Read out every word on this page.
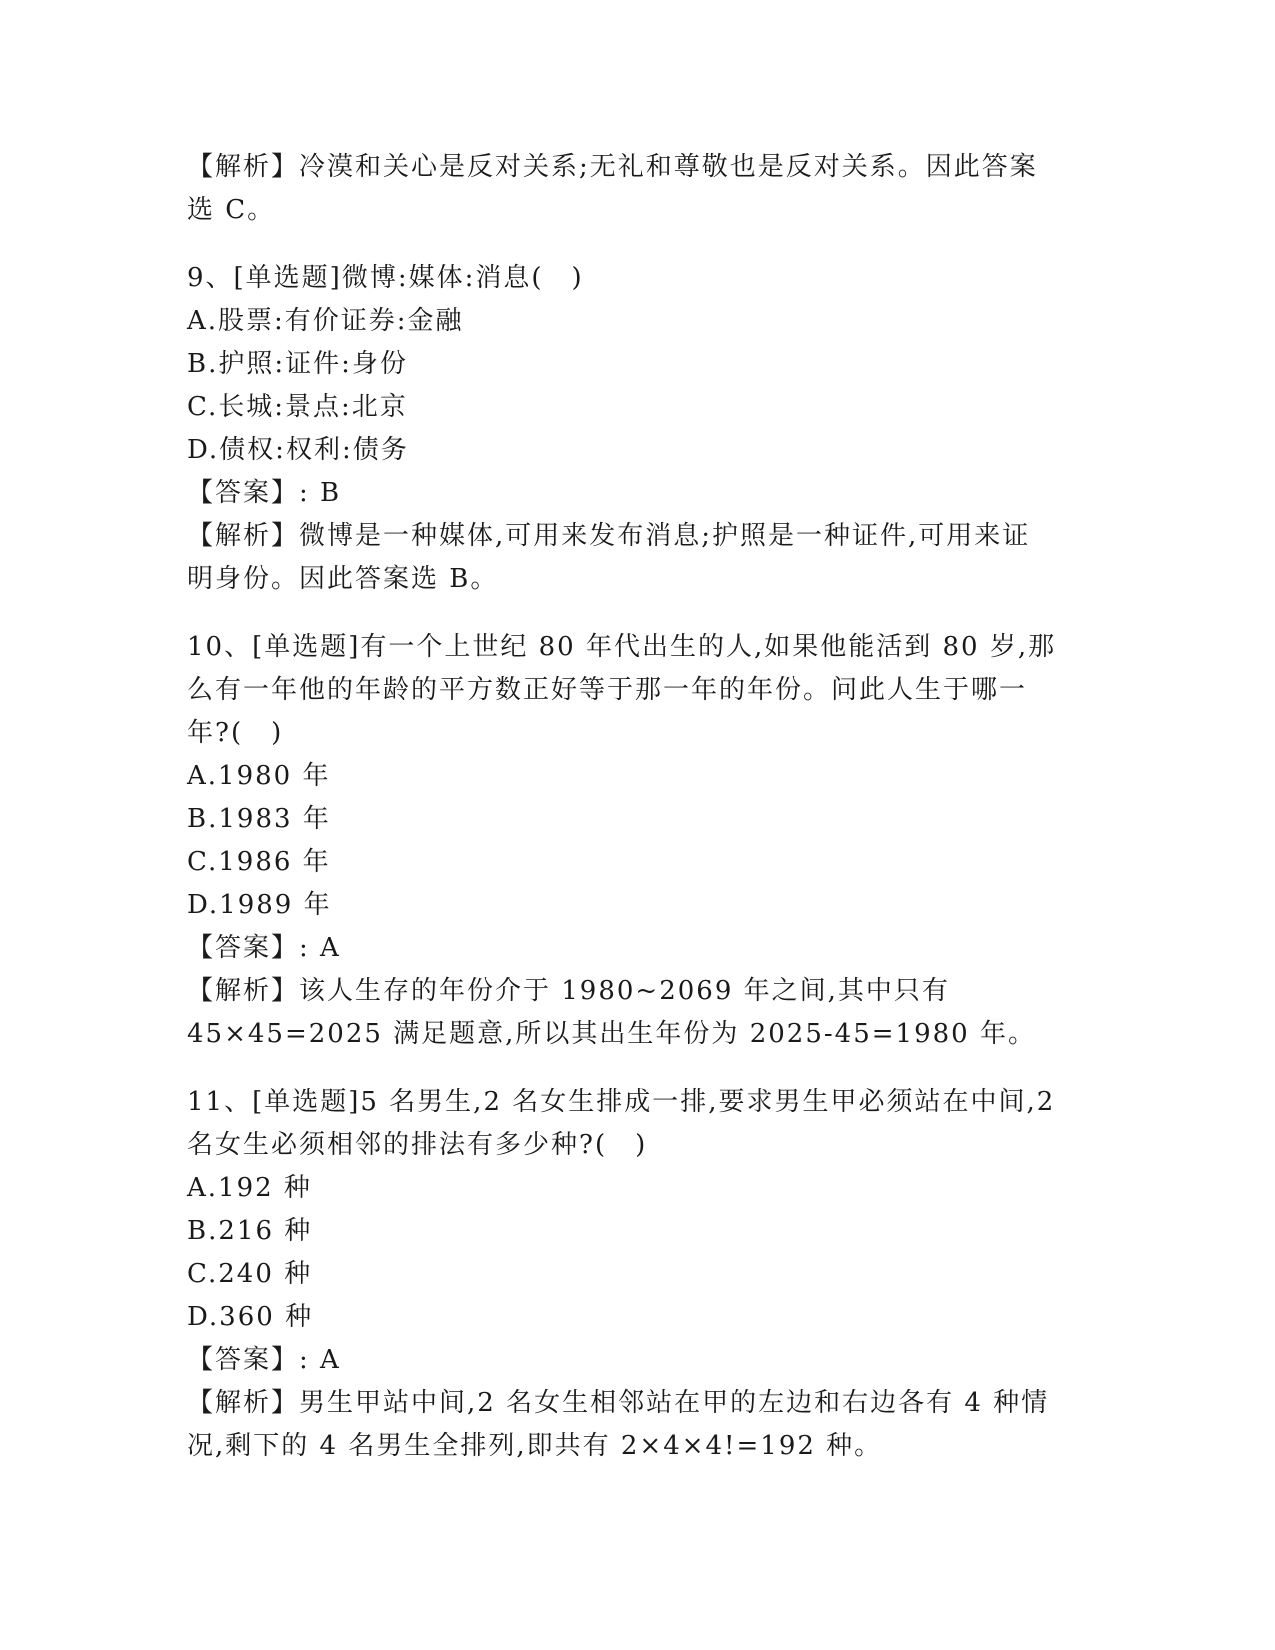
【解析】冷漠和关心是反对关系;无礼和尊敬也是反对关系。因此答案
选 C。
9、[单选题]微博:媒体:消息(　)
A.股票:有价证券:金融
B.护照:证件:身份
C.长城:景点:北京
D.债权:权利:债务
【答案】: B
【解析】微博是一种媒体,可用来发布消息;护照是一种证件,可用来证
明身份。因此答案选 B。
10、[单选题]有一个上世纪 80 年代出生的人,如果他能活到 80 岁,那
么有一年他的年龄的平方数正好等于那一年的年份。问此人生于哪一
年?(　)
A.1980 年
B.1983 年
C.1986 年
D.1989 年
【答案】: A
【解析】该人生存的年份介于 1980~2069 年之间,其中只有
45×45=2025 满足题意,所以其出生年份为 2025-45=1980 年。
11、[单选题]5 名男生,2 名女生排成一排,要求男生甲必须站在中间,2
名女生必须相邻的排法有多少种?(　)
A.192 种
B.216 种
C.240 种
D.360 种
【答案】: A
【解析】男生甲站中间,2 名女生相邻站在甲的左边和右边各有 4 种情
况,剩下的 4 名男生全排列,即共有 2×4×4!=192 种。
